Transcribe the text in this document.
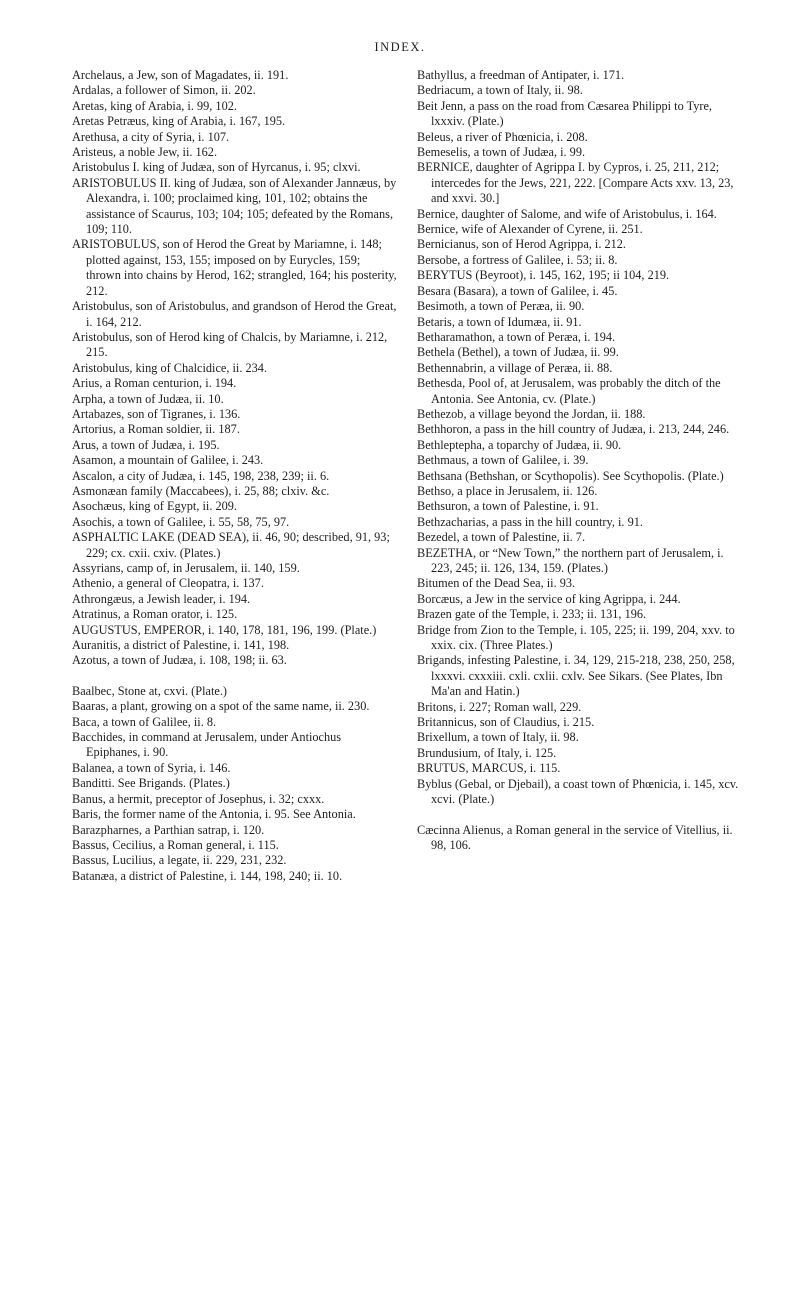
INDEX.
Archelaus, a Jew, son of Magadates, ii. 191.
Ardalas, a follower of Simon, ii. 202.
Aretas, king of Arabia, i. 99, 102.
Aretas Petræus, king of Arabia, i. 167, 195.
Arethusa, a city of Syria, i. 107.
Aristeus, a noble Jew, ii. 162.
Aristobulus I. king of Judæa, son of Hyrcanus, i. 95; clxvi.
ARISTOBULUS II. king of Judæa, son of Alexander Jannæus, by Alexandra, i. 100; proclaimed king, 101, 102; obtains the assistance of Scaurus, 103; 104; 105; defeated by the Romans, 109; 110.
ARISTOBULUS, son of Herod the Great by Mariamne, i. 148; plotted against, 153, 155; imposed on by Eurycles, 159; thrown into chains by Herod, 162; strangled, 164; his posterity, 212.
Aristobulus, son of Aristobulus, and grandson of Herod the Great, i. 164, 212.
Aristobulus, son of Herod king of Chalcis, by Mariamne, i. 212, 215.
Aristobulus, king of Chalcidice, ii. 234.
Arius, a Roman centurion, i. 194.
Arpha, a town of Judæa, ii. 10.
Artabazes, son of Tigranes, i. 136.
Artorius, a Roman soldier, ii. 187.
Arus, a town of Judæa, i. 195.
Asamon, a mountain of Galilee, i. 243.
Ascalon, a city of Judæa, i. 145, 198, 238, 239; ii. 6.
Asmonæan family (Maccabees), i. 25, 88; clxiv. &c.
Asochæus, king of Egypt, ii. 209.
Asochis, a town of Galilee, i. 55, 58, 75, 97.
ASPHALTIC LAKE (DEAD SEA), ii. 46, 90; described, 91, 93; 229; cx. cxii. cxiv. (Plates.)
Assyrians, camp of, in Jerusalem, ii. 140, 159.
Athenio, a general of Cleopatra, i. 137.
Athrongæus, a Jewish leader, i. 194.
Atratinus, a Roman orator, i. 125.
AUGUSTUS, EMPEROR, i. 140, 178, 181, 196, 199. (Plate.)
Auranitis, a district of Palestine, i. 141, 198.
Azotus, a town of Judæa, i. 108, 198; ii. 63.
Baalbec, Stone at, cxvi. (Plate.)
Baaras, a plant, growing on a spot of the same name, ii. 230.
Baca, a town of Galilee, ii. 8.
Bacchides, in command at Jerusalem, under Antiochus Epiphanes, i. 90.
Balanea, a town of Syria, i. 146.
Banditti. See Brigands. (Plates.)
Banus, a hermit, preceptor of Josephus, i. 32; cxxx.
Baris, the former name of the Antonia, i. 95. See Antonia.
Barazpharnes, a Parthian satrap, i. 120.
Bassus, Cecilius, a Roman general, i. 115.
Bassus, Lucilius, a legate, ii. 229, 231, 232.
Batanæa, a district of Palestine, i. 144, 198, 240; ii. 10.
Bathyllus, a freedman of Antipater, i. 171.
Bedriacum, a town of Italy, ii. 98.
Beit Jenn, a pass on the road from Cæsarea Philippi to Tyre, lxxxiv. (Plate.)
Beleus, a river of Phœnicia, i. 208.
Bemeselis, a town of Judæa, i. 99.
BERNICE, daughter of Agrippa I. by Cypros, i. 25, 211, 212; intercedes for the Jews, 221, 222. [Compare Acts xxv. 13, 23, and xxvi. 30.]
Bernice, daughter of Salome, and wife of Aristobulus, i. 164.
Bernice, wife of Alexander of Cyrene, ii. 251.
Bernicianus, son of Herod Agrippa, i. 212.
Bersobe, a fortress of Galilee, i. 53; ii. 8.
BERYTUS (Beyroot), i. 145, 162, 195; ii 104, 219.
Besara (Basara), a town of Galilee, i. 45.
Besimoth, a town of Peræa, ii. 90.
Betaris, a town of Idumæa, ii. 91.
Betharamathon, a town of Peræa, i. 194.
Bethela (Bethel), a town of Judæa, ii. 99.
Bethennabrin, a village of Peræa, ii. 88.
Bethesda, Pool of, at Jerusalem, was probably the ditch of the Antonia. See Antonia, cv. (Plate.)
Bethezob, a village beyond the Jordan, ii. 188.
Bethhoron, a pass in the hill country of Judæa, i. 213, 244, 246.
Bethleptepha, a toparchy of Judæa, ii. 90.
Bethmaus, a town of Galilee, i. 39.
Bethsana (Bethshan, or Scythopolis). See Scythopolis. (Plate.)
Bethso, a place in Jerusalem, ii. 126.
Bethsuron, a town of Palestine, i. 91.
Bethzacharias, a pass in the hill country, i. 91.
Bezedel, a town of Palestine, ii. 7.
BEZETHA, or “New Town,” the northern part of Jerusalem, i. 223, 245; ii. 126, 134, 159. (Plates.)
Bitumen of the Dead Sea, ii. 93.
Borcæus, a Jew in the service of king Agrippa, i. 244.
Brazen gate of the Temple, i. 233; ii. 131, 196.
Bridge from Zion to the Temple, i. 105, 225; ii. 199, 204, xxv. to xxix. cix. (Three Plates.)
Brigands, infesting Palestine, i. 34, 129, 215-218, 238, 250, 258, lxxxvi. cxxxiii. cxli. cxlii. cxlv. See Sikars. (See Plates, Ibn Ma'an and Hatin.)
Britons, i. 227; Roman wall, 229.
Britannicus, son of Claudius, i. 215.
Brixellum, a town of Italy, ii. 98.
Brundusium, of Italy, i. 125.
BRUTUS, MARCUS, i. 115.
Byblus (Gebal, or Djebail), a coast town of Phœnicia, i. 145, xcv. xcvi. (Plate.)
Cæcinna Alienus, a Roman general in the service of Vitellius, ii. 98, 106.
